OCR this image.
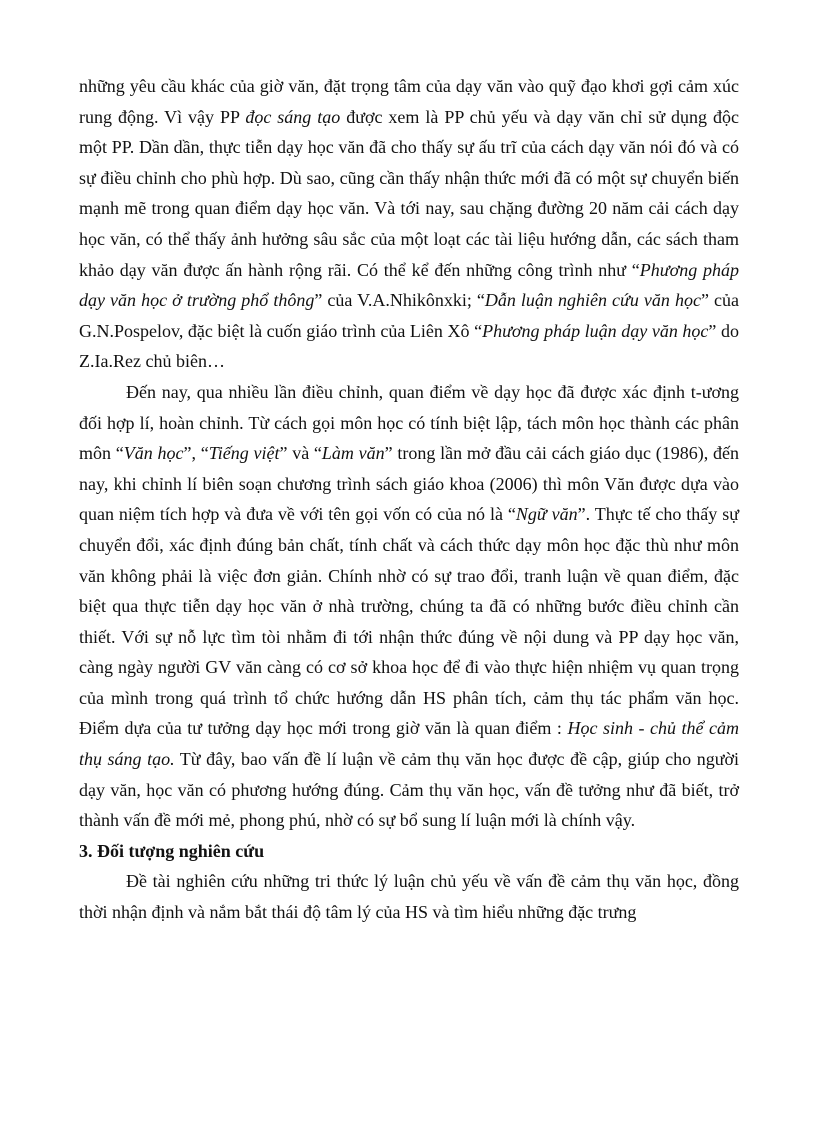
những yêu cầu khác của giờ văn, đặt trọng tâm của dạy văn vào quỹ đạo khơi gợi cảm xúc rung động. Vì vậy PP đọc sáng tạo được xem là PP chủ yếu và dạy văn chỉ sử dụng độc một PP. Dần dần, thực tiễn dạy học văn đã cho thấy sự ấu trĩ của cách dạy văn nói đó và có sự điều chỉnh cho phù hợp. Dù sao, cũng cần thấy nhận thức mới đã có một sự chuyển biến mạnh mẽ trong quan điểm dạy học văn. Và tới nay, sau chặng đường 20 năm cải cách dạy học văn, có thể thấy ảnh hưởng sâu sắc của một loạt các tài liệu hướng dẫn, các sách tham khảo dạy văn được ấn hành rộng rãi. Có thể kể đến những công trình như “Phương pháp dạy văn học ở trường phổ thông” của V.A.Nhikônxki; “Dẫn luận nghiên cứu văn học” của G.N.Pospelov, đặc biệt là cuốn giáo trình của Liên Xô “Phương pháp luận dạy văn học” do Z.Ia.Rez chủ biên…

Đến nay, qua nhiều lần điều chỉnh, quan điểm về dạy học đã được xác định t-ương đối hợp lí, hoàn chỉnh. Từ cách gọi môn học có tính biệt lập, tách môn học thành các phân môn “Văn học”, “Tiếng việt” và “Làm văn” trong lần mở đầu cải cách giáo dục (1986), đến nay, khi chỉnh lí biên soạn chương trình sách giáo khoa (2006) thì môn Văn được dựa vào quan niệm tích hợp và đưa về với tên gọi vốn có của nó là “Ngữ văn”. Thực tế cho thấy sự chuyển đổi, xác định đúng bản chất, tính chất và cách thức dạy môn học đặc thù như môn văn không phải là việc đơn giản. Chính nhờ có sự trao đổi, tranh luận về quan điểm, đặc biệt qua thực tiễn dạy học văn ở nhà trường, chúng ta đã có những bước điều chỉnh cần thiết. Với sự nỗ lực tìm tòi nhằm đi tới nhận thức đúng về nội dung và PP dạy học văn, càng ngày người GV văn càng có cơ sở khoa học để đi vào thực hiện nhiệm vụ quan trọng của mình trong quá trình tổ chức hướng dẫn HS phân tích, cảm thụ tác phẩm văn học. Điểm dựa của tư tưởng dạy học mới trong giờ văn là quan điểm : Học sinh - chủ thể cảm thụ sáng tạo. Từ đây, bao vấn đề lí luận về cảm thụ văn học được đề cập, giúp cho người dạy văn, học văn có phương hướng đúng. Cảm thụ văn học, vấn đề tưởng như đã biết, trở thành vấn đề mới mẻ, phong phú, nhờ có sự bổ sung lí luận mới là chính vậy.

3. Đối tượng nghiên cứu

Đề tài nghiên cứu những tri thức lý luận chủ yếu về vấn đề cảm thụ văn học, đồng thời nhận định và nắm bắt thái độ tâm lý của HS và tìm hiểu những đặc trưng
